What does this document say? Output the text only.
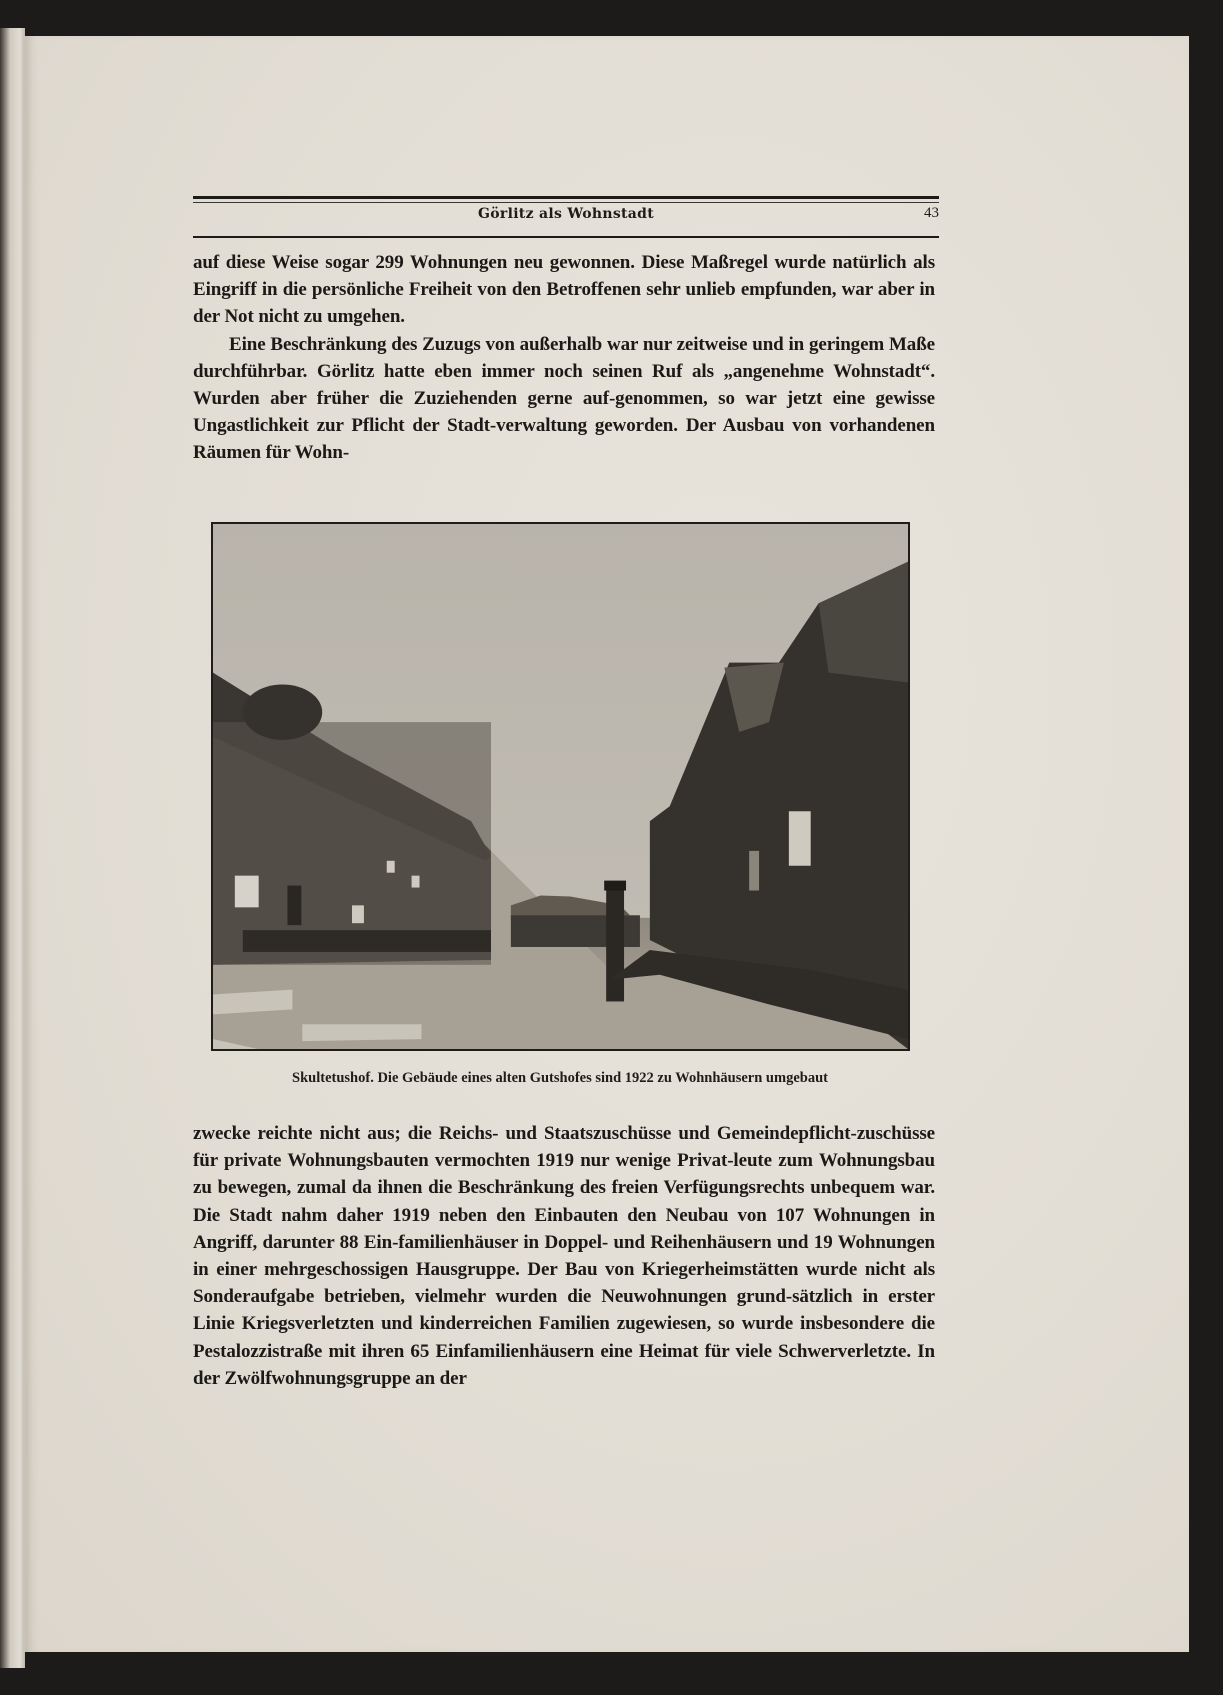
Görlitz als Wohnstadt	43

auf diese Weise sogar 299 Wohnungen neu gewonnen. Diese Maßregel wurde natürlich als Eingriff in die persönliche Freiheit von den Betroffenen sehr unlieb empfunden, war aber in der Not nicht zu umgehen.

Eine Beschränkung des Zuzugs von außerhalb war nur zeitweise und in geringem Maße durchführbar. Görlitz hatte eben immer noch seinen Ruf als „angenehme Wohnstadt“. Wurden aber früher die Zuziehenden gerne auf-genommen, so war jetzt eine gewisse Ungastlichkeit zur Pflicht der Stadt-verwaltung geworden. Der Ausbau von vorhandenen Räumen für Wohn-

Skultetushof. Die Gebäude eines alten Gutshofes sind 1922 zu Wohnhäusern umgebaut

zwecke reichte nicht aus; die Reichs- und Staatszuschüsse und Gemeindepflicht-zuschüsse für private Wohnungsbauten vermochten 1919 nur wenige Privat-leute zum Wohnungsbau zu bewegen, zumal da ihnen die Beschränkung des freien Verfügungsrechts unbequem war. Die Stadt nahm daher 1919 neben den Einbauten den Neubau von 107 Wohnungen in Angriff, darunter 88 Ein-familienhäuser in Doppel- und Reihenhäusern und 19 Wohnungen in einer mehrgeschossigen Hausgruppe. Der Bau von Kriegerheimstätten wurde nicht als Sonderaufgabe betrieben, vielmehr wurden die Neuwohnungen grund-sätzlich in erster Linie Kriegsverletzten und kinderreichen Familien zugewiesen, so wurde insbesondere die Pestalozzistraße mit ihren 65 Einfamilienhäusern eine Heimat für viele Schwerverletzte. In der Zwölfwohnungsgruppe an der
